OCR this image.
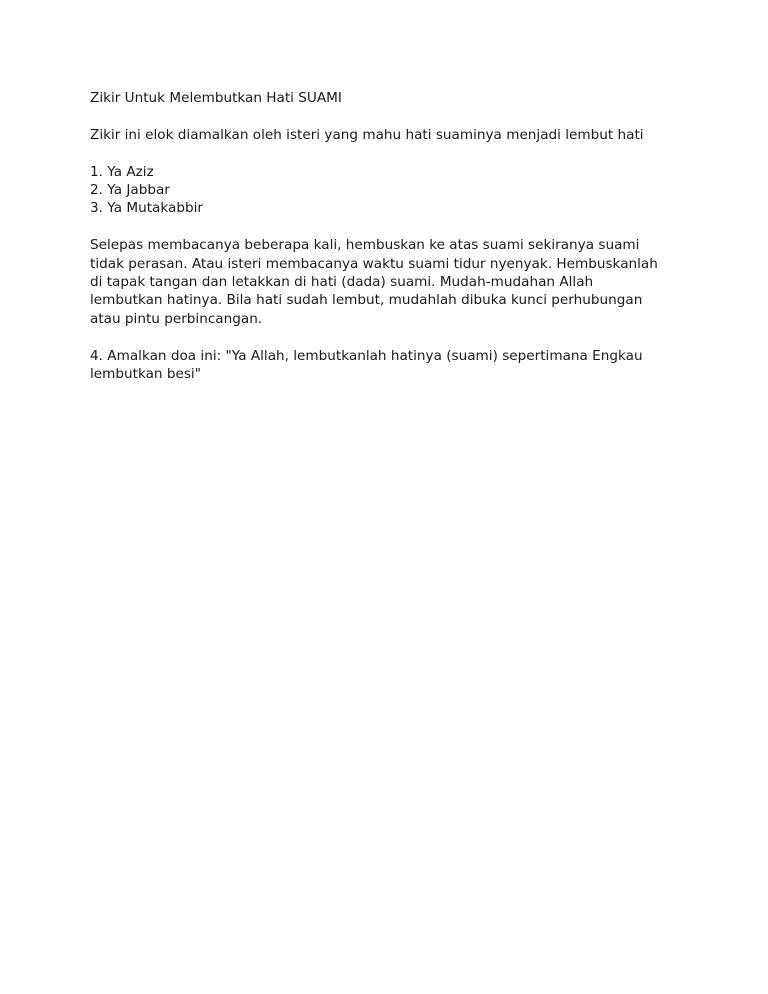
Zikir Untuk Melembutkan Hati SUAMI

Zikir ini elok diamalkan oleh isteri yang mahu hati suaminya menjadi lembut hati

1. Ya Aziz

2. Ya Jabbar

3. Ya Mutakabbir

Selepas membacanya beberapa kali, hembuskan ke atas suami sekiranya suami

tidak perasan. Atau isteri membacanya waktu suami tidur nyenyak. Hembuskanlah

di tapak tangan dan letakkan di hati (dada) suami. Mudah-mudahan Allah

lembutkan hatinya. Bila hati sudah lembut, mudahlah dibuka kunci perhubungan

atau pintu perbincangan.

4. Amalkan doa ini: "Ya Allah, lembutkanlah hatinya (suami) sepertimana Engkau

lembutkan besi"
